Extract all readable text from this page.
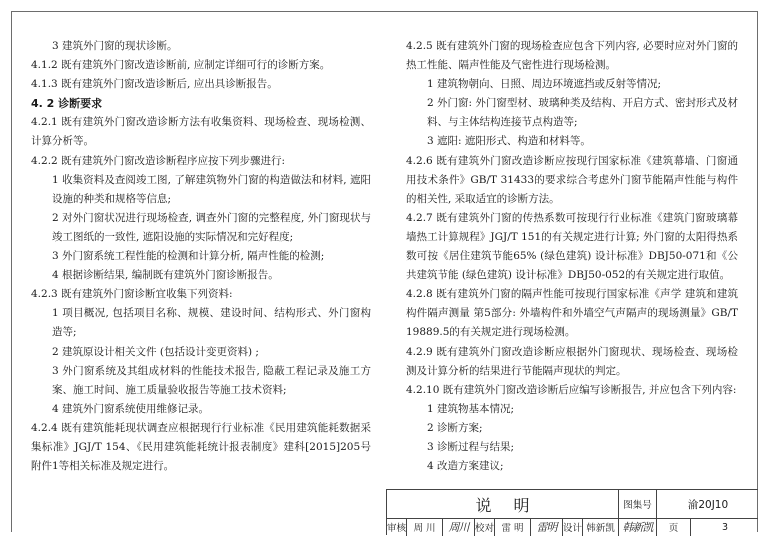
3 建筑外门窗的现状诊断。

4.1.2 既有建筑外门窗改造诊断前, 应制定详细可行的诊断方案。

4.1.3 既有建筑外门窗改造诊断后, 应出具诊断报告。

4. 2 诊断要求

4.2.1 既有建筑外门窗改造诊断方法有收集资料、现场检查、现场检测、计算分析等。

4.2.2 既有建筑外门窗改造诊断程序应按下列步骤进行:

1 收集资料及查阅竣工图, 了解建筑物外门窗的构造做法和材料, 遮阳设施的种类和规格等信息;

2 对外门窗状况进行现场检查, 调查外门窗的完整程度, 外门窗现状与竣工图纸的一致性, 遮阳设施的实际情况和完好程度;

3 外门窗系统工程性能的检测和计算分析, 隔声性能的检测;

4 根据诊断结果, 编制既有建筑外门窗诊断报告。

4.2.3 既有建筑外门窗诊断宜收集下列资料:

1 项目概况, 包括项目名称、规模、建设时间、结构形式、外门窗构造等;

2 建筑原设计相关文件 (包括设计变更资料) ;

3 外门窗系统及其组成材料的性能技术报告, 隐蔽工程记录及施工方案、施工时间、施工质量验收报告等施工技术资料;

4 建筑外门窗系统使用维修记录。

4.2.4 既有建筑能耗现状调查应根据现行行业标准《民用建筑能耗数据采集标准》JGJ/T 154、《民用建筑能耗统计报表制度》建科[2015]205号附件1等相关标准及规定进行。

4.2.5 既有建筑外门窗的现场检查应包含下列内容, 必要时应对外门窗的热工性能、隔声性能及气密性进行现场检测。

1 建筑物朝向、日照、周边环境遮挡或反射等情况;

2 外门窗: 外门窗型材、玻璃种类及结构、开启方式、密封形式及材料、与主体结构连接节点构造等;

3 遮阳: 遮阳形式、构造和材料等。

4.2.6 既有建筑外门窗改造诊断应按现行国家标准《建筑幕墙、门窗通用技术条件》GB/T 31433的要求综合考虑外门窗节能隔声性能与构件的相关性, 采取适宜的诊断方法。

4.2.7 既有建筑外门窗的传热系数可按现行行业标准《建筑门窗玻璃幕墙热工计算规程》JGJ/T 151的有关规定进行计算; 外门窗的太阳得热系数可按《居住建筑节能65% (绿色建筑) 设计标准》DBJ50-071和《公共建筑节能 (绿色建筑) 设计标准》DBJ50-052的有关规定进行取值。

4.2.8 既有建筑外门窗的隔声性能可按现行国家标准《声学 建筑和建筑构件隔声测量 第5部分: 外墙构件和外墙空气声隔声的现场测量》GB/T 19889.5的有关规定进行现场检测。

4.2.9 既有建筑外门窗改造诊断应根据外门窗现状、现场检查、现场检测及计算分析的结果进行节能隔声现状的判定。

4.2.10 既有建筑外门窗改造诊断后应编写诊断报告, 并应包含下列内容:

1 建筑物基本情况;

2 诊断方案;

3 诊断过程与结果;

4 改造方案建议;

说明	图集号	渝20J10
审核 周 川	周川 校对 雷 明	雷明 设计 韩新凯 韩新凯	页	3
